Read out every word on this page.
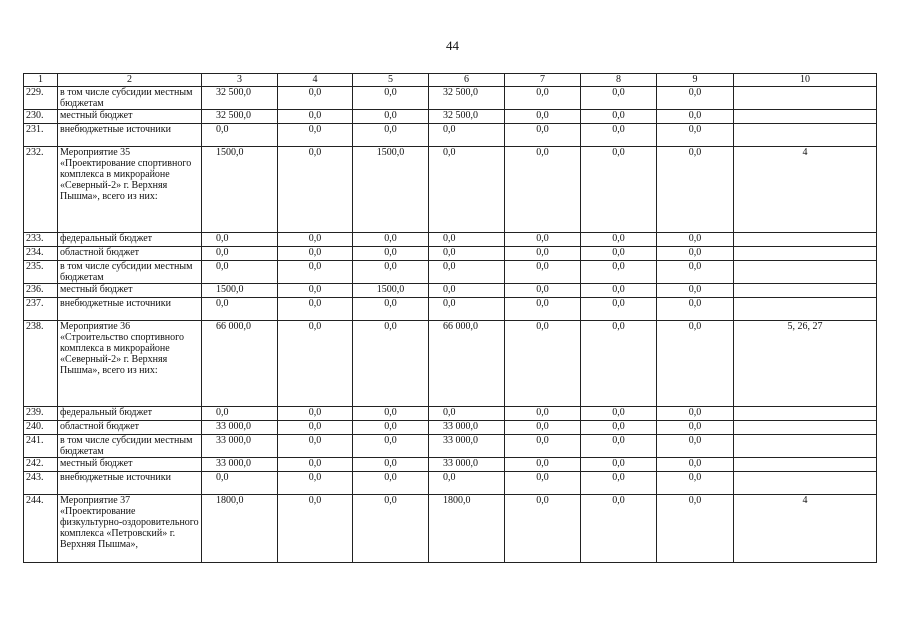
44
1	2	3	4	5	6	7	8	9	10
229.	в том числе субсидии местным бюджетам	32 500,0	0,0	0,0	32 500,0	0,0	0,0	0,0	
230.	местный бюджет	32 500,0	0,0	0,0	32 500,0	0,0	0,0	0,0	
231.	внебюджетные источники	0,0	0,0	0,0	0,0	0,0	0,0	0,0	
232.	Мероприятие 35 «Проектирование спортивного комплекса в микрорайоне «Северный-2» г. Верхняя Пышма», всего из них:	1500,0	0,0	1500,0	0,0	0,0	0,0	0,0	4
233.	федеральный бюджет	0,0	0,0	0,0	0,0	0,0	0,0	0,0	
234.	областной бюджет	0,0	0,0	0,0	0,0	0,0	0,0	0,0	
235.	в том числе субсидии местным бюджетам	0,0	0,0	0,0	0,0	0,0	0,0	0,0	
236.	местный бюджет	1500,0	0,0	1500,0	0,0	0,0	0,0	0,0	
237.	внебюджетные источники	0,0	0,0	0,0	0,0	0,0	0,0	0,0	
238.	Мероприятие 36 «Строительство спортивного комплекса в микрорайоне «Северный-2» г. Верхняя Пышма», всего из них:	66 000,0	0,0	0,0	66 000,0	0,0	0,0	0,0	5, 26, 27
239.	федеральный бюджет	0,0	0,0	0,0	0,0	0,0	0,0	0,0	
240.	областной бюджет	33 000,0	0,0	0,0	33 000,0	0,0	0,0	0,0	
241.	в том числе субсидии местным бюджетам	33 000,0	0,0	0,0	33 000,0	0,0	0,0	0,0	
242.	местный бюджет	33 000,0	0,0	0,0	33 000,0	0,0	0,0	0,0	
243.	внебюджетные источники	0,0	0,0	0,0	0,0	0,0	0,0	0,0	
244.	Мероприятие 37 «Проектирование физкультурно-оздоровительного комплекса «Петровский» г. Верхняя Пышма»,	1800,0	0,0	0,0	1800,0	0,0	0,0	0,0	4
